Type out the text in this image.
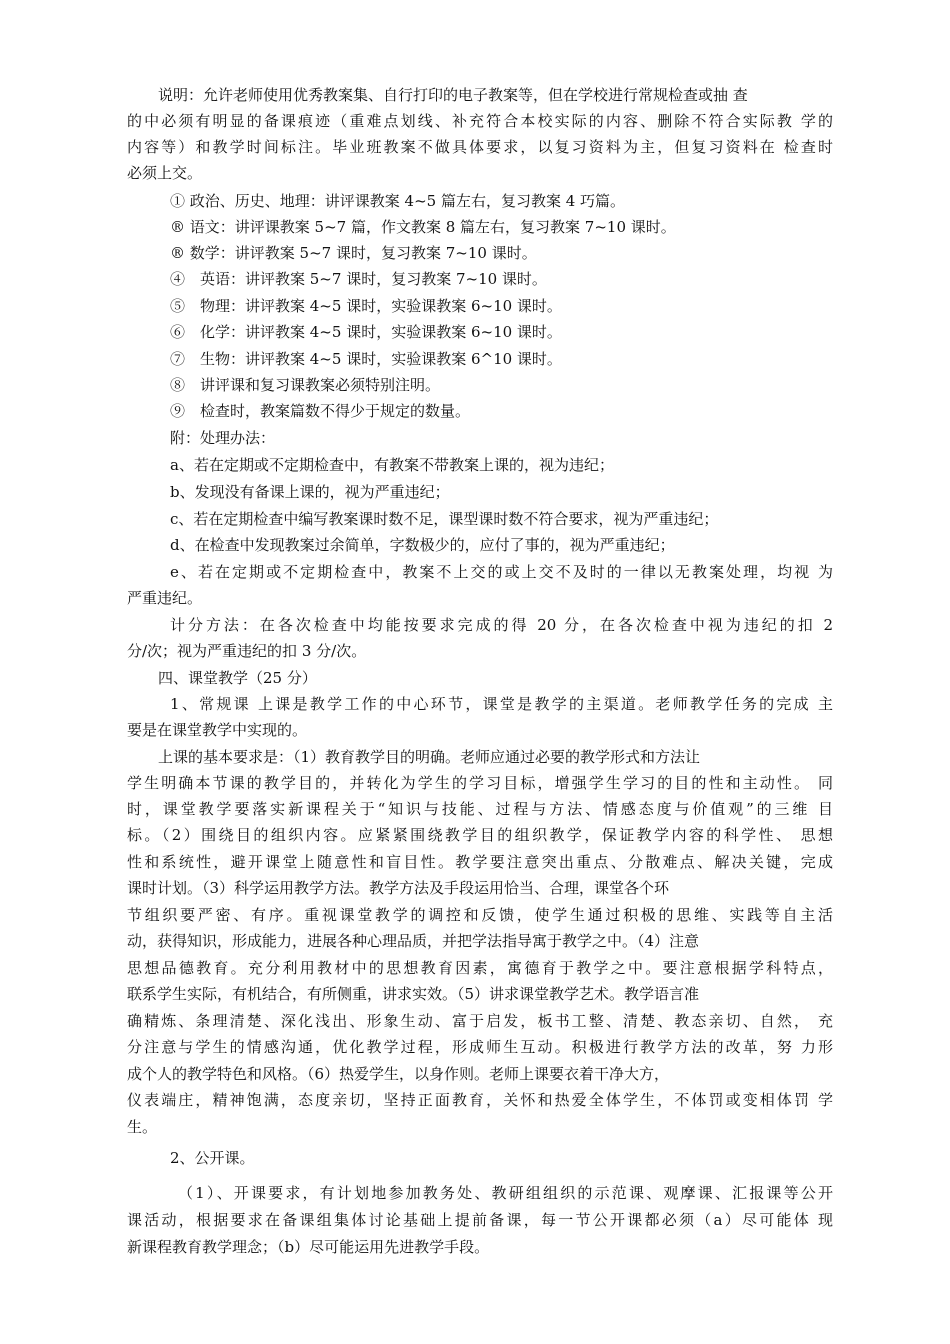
说明：允许老师使用优秀教案集、自行打印的电子教案等，但在学校进行常规检查或抽 查
的中必须有明显的备课痕迹（重难点划线、补充符合本校实际的内容、删除不符合实际教 学的
内容等）和教学时间标注。毕业班教案不做具体要求，以复习资料为主，但复习资料在 检查时
必须上交。
① 政治、历史、地理：讲评课教案 4~5 篇左右，复习教案 4 巧篇。
® 语文：讲评课教案 5~7 篇，作文教案 8 篇左右，复习教案 7~10 课时。
® 数学：讲评教案 5~7 课时，复习教案 7~10 课时。
④　英语：讲评教案 5~7 课时，复习教案 7~10 课时。
⑤　物理：讲评教案 4~5 课时，实验课教案 6~10 课时。
⑥　化学：讲评教案 4~5 课时，实验课教案 6~10 课时。
⑦　生物：讲评教案 4~5 课时，实验课教案 6^10 课时。
⑧　讲评课和复习课教案必须特别注明。
⑨　检查时，教案篇数不得少于规定的数量。
附：处理办法：
a、若在定期或不定期检查中，有教案不带教案上课的，视为违纪；
b、发现没有备课上课的，视为严重违纪；
c、若在定期检查中编写教案课时数不足，课型课时数不符合要求，视为严重违纪；
d、在检查中发现教案过余简单，字数极少的，应付了事的，视为严重违纪；
e、若在定期或不定期检查中，教案不上交的或上交不及时的一律以无教案处理，均视 为
严重违纪。
计分方法：在各次检查中均能按要求完成的得 20 分，在各次检查中视为违纪的扣 2
分/次；视为严重违纪的扣 3 分/次。
四、课堂教学（25 分）
1、常规课 上课是教学工作的中心环节，课堂是教学的主渠道。老师教学任务的完成 主
要是在课堂教学中实现的。
上课的基本要求是：（1）教育教学目的明确。老师应通过必要的教学形式和方法让
学生明确本节课的教学目的，并转化为学生的学习目标，增强学生学习的目的性和主动性。 同
时，课堂教学要落实新课程关于“知识与技能、过程与方法、情感态度与价值观”的三维 目
标。（2）围绕目的组织内容。应紧紧围绕教学目的组织教学，保证教学内容的科学性、 思想
性和系统性，避开课堂上随意性和盲目性。教学要注意突出重点、分散难点、解决关键，完成
课时计划。（3）科学运用教学方法。教学方法及手段运用恰当、合理，课堂各个环
节组织要严密、有序。重视课堂教学的调控和反馈，使学生通过积极的思维、实践等自主活
动，获得知识，形成能力，进展各种心理品质，并把学法指导寓于教学之中。（4）注意
思想品德教育。充分利用教材中的思想教育因素，寓德育于教学之中。要注意根据学科特点，
联系学生实际，有机结合，有所侧重，讲求实效。（5）讲求课堂教学艺术。教学语言准
确精炼、条理清楚、深化浅出、形象生动、富于启发，板书工整、清楚、教态亲切、自然， 充
分注意与学生的情感沟通，优化教学过程，形成师生互动。积极进行教学方法的改革，努 力形
成个人的教学特色和风格。（6）热爱学生，以身作则。老师上课要衣着干净大方，
仪表端庄，精神饱满，态度亲切，坚持正面教育，关怀和热爱全体学生，不体罚或变相体罚 学
生。
2、公开课。
（1）、开课要求，有计划地参加教务处、教研组组织的示范课、观摩课、汇报课等公开
课活动，根据要求在备课组集体讨论基础上提前备课，每一节公开课都必须（a）尽可能体 现
新课程教育教学理念；（b）尽可能运用先进教学手段。
